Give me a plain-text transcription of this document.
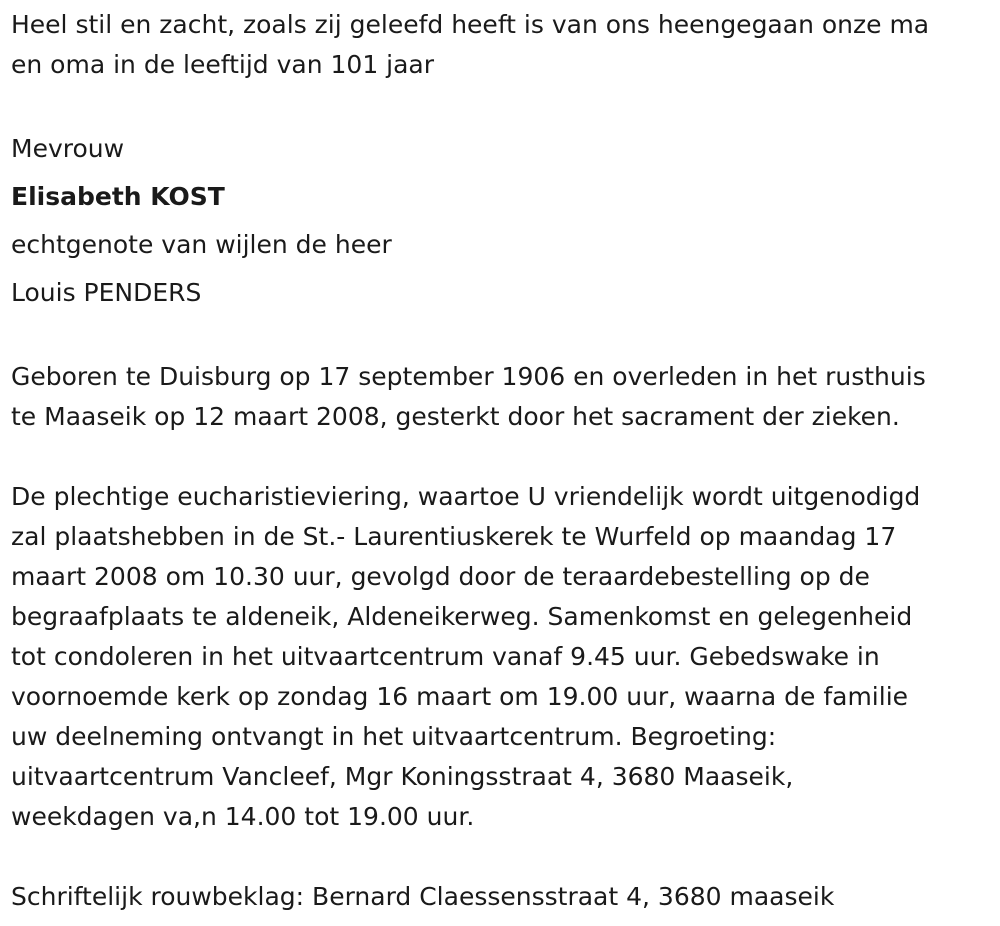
Heel stil en zacht, zoals zij geleefd heeft is van ons heengegaan onze ma
en oma in de leeftijd van 101 jaar

Mevrouw
Elisabeth KOST
echtgenote van wijlen de heer
Louis PENDERS

Geboren te Duisburg op 17 september 1906 en overleden in het rusthuis
te Maaseik op 12 maart 2008, gesterkt door het sacrament der zieken.

De plechtige eucharistieviering, waartoe U vriendelijk wordt uitgenodigd
zal plaatshebben in de St.- Laurentiuskerek te Wurfeld op maandag 17
maart 2008 om 10.30 uur, gevolgd door de teraardebestelling op de
begraafplaats te aldeneik, Aldeneikerweg. Samenkomst en gelegenheid
tot condoleren in het uitvaartcentrum vanaf 9.45 uur. Gebedswake in
voornoemde kerk op zondag 16 maart om 19.00 uur, waarna de familie
uw deelneming ontvangt in het uitvaartcentrum. Begroeting:
uitvaartcentrum Vancleef, Mgr Koningsstraat 4, 3680 Maaseik,
weekdagen va,n 14.00 tot 19.00 uur.

Schriftelijk rouwbeklag: Bernard Claessensstraat 4, 3680 maaseik
